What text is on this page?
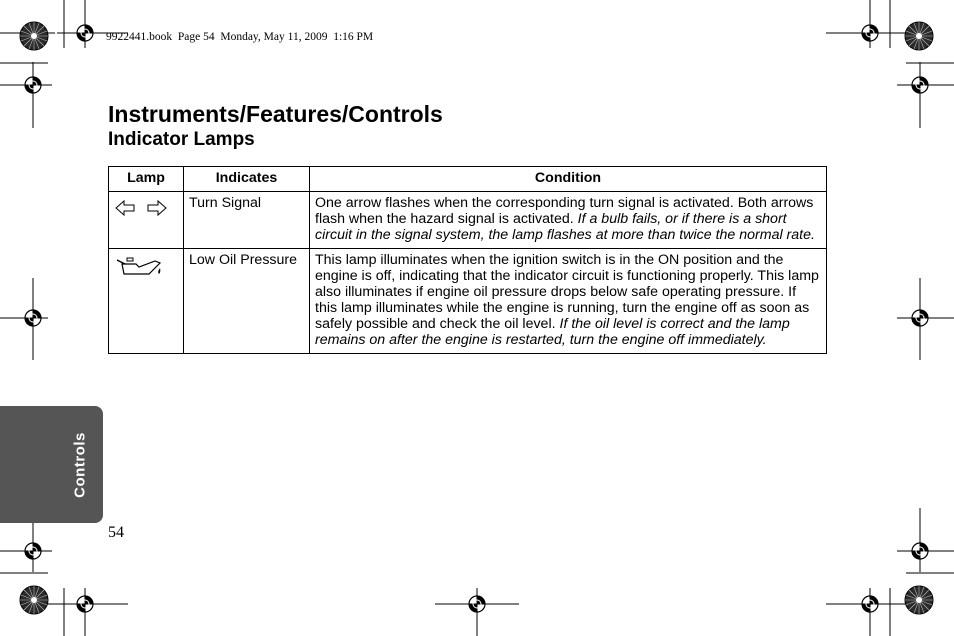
9922441.book  Page 54  Monday, May 11, 2009  1:16 PM
Instruments/Features/Controls
Indicator Lamps
Lamp	Indicates	Condition
	Turn Signal	One arrow flashes when the corresponding turn signal is activated. Both arrows flash when the hazard signal is activated. If a bulb fails, or if there is a short circuit in the signal system, the lamp flashes at more than twice the normal rate.
	Low Oil Pressure	This lamp illuminates when the ignition switch is in the ON position and the engine is off, indicating that the indicator circuit is functioning properly. This lamp also illuminates if engine oil pressure drops below safe operating pressure. If this lamp illuminates while the engine is running, turn the engine off as soon as safely possible and check the oil level. If the oil level is correct and the lamp remains on after the engine is restarted, turn the engine off immediately.
Controls
54
